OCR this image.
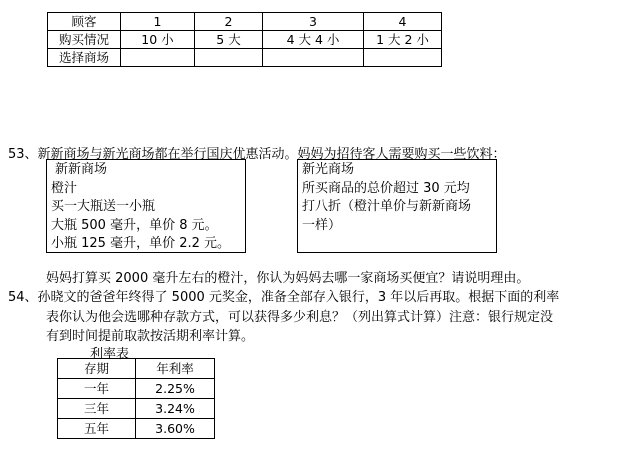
顾客	1	2	3	4
购买情况	10 小	5 大	4 大 4 小	1 大 2 小
选择商场				
53、新新商场与新光商场都在举行国庆优惠活动。妈妈为招待客人需要购买一些饮料：
新新商场
橙汁
买一大瓶送一小瓶
大瓶 500 毫升，单价 8 元。
小瓶 125 毫升，单价 2.2 元。
新光商场
所买商品的总价超过 30 元均
打八折（橙汁单价与新新商场
一样）
妈妈打算买 2000 毫升左右的橙汁，你认为妈妈去哪一家商场买便宜？请说明理由。
54、孙晓文的爸爸年终得了 5000 元奖金，准备全部存入银行，3 年以后再取。根据下面的利率
表你认为他会选哪种存款方式，可以获得多少利息？（列出算式计算）注意：银行规定没
有到时间提前取款按活期利率计算。
利率表
存期	年利率
一年	2.25%
三年	3.24%
五年	3.60%
